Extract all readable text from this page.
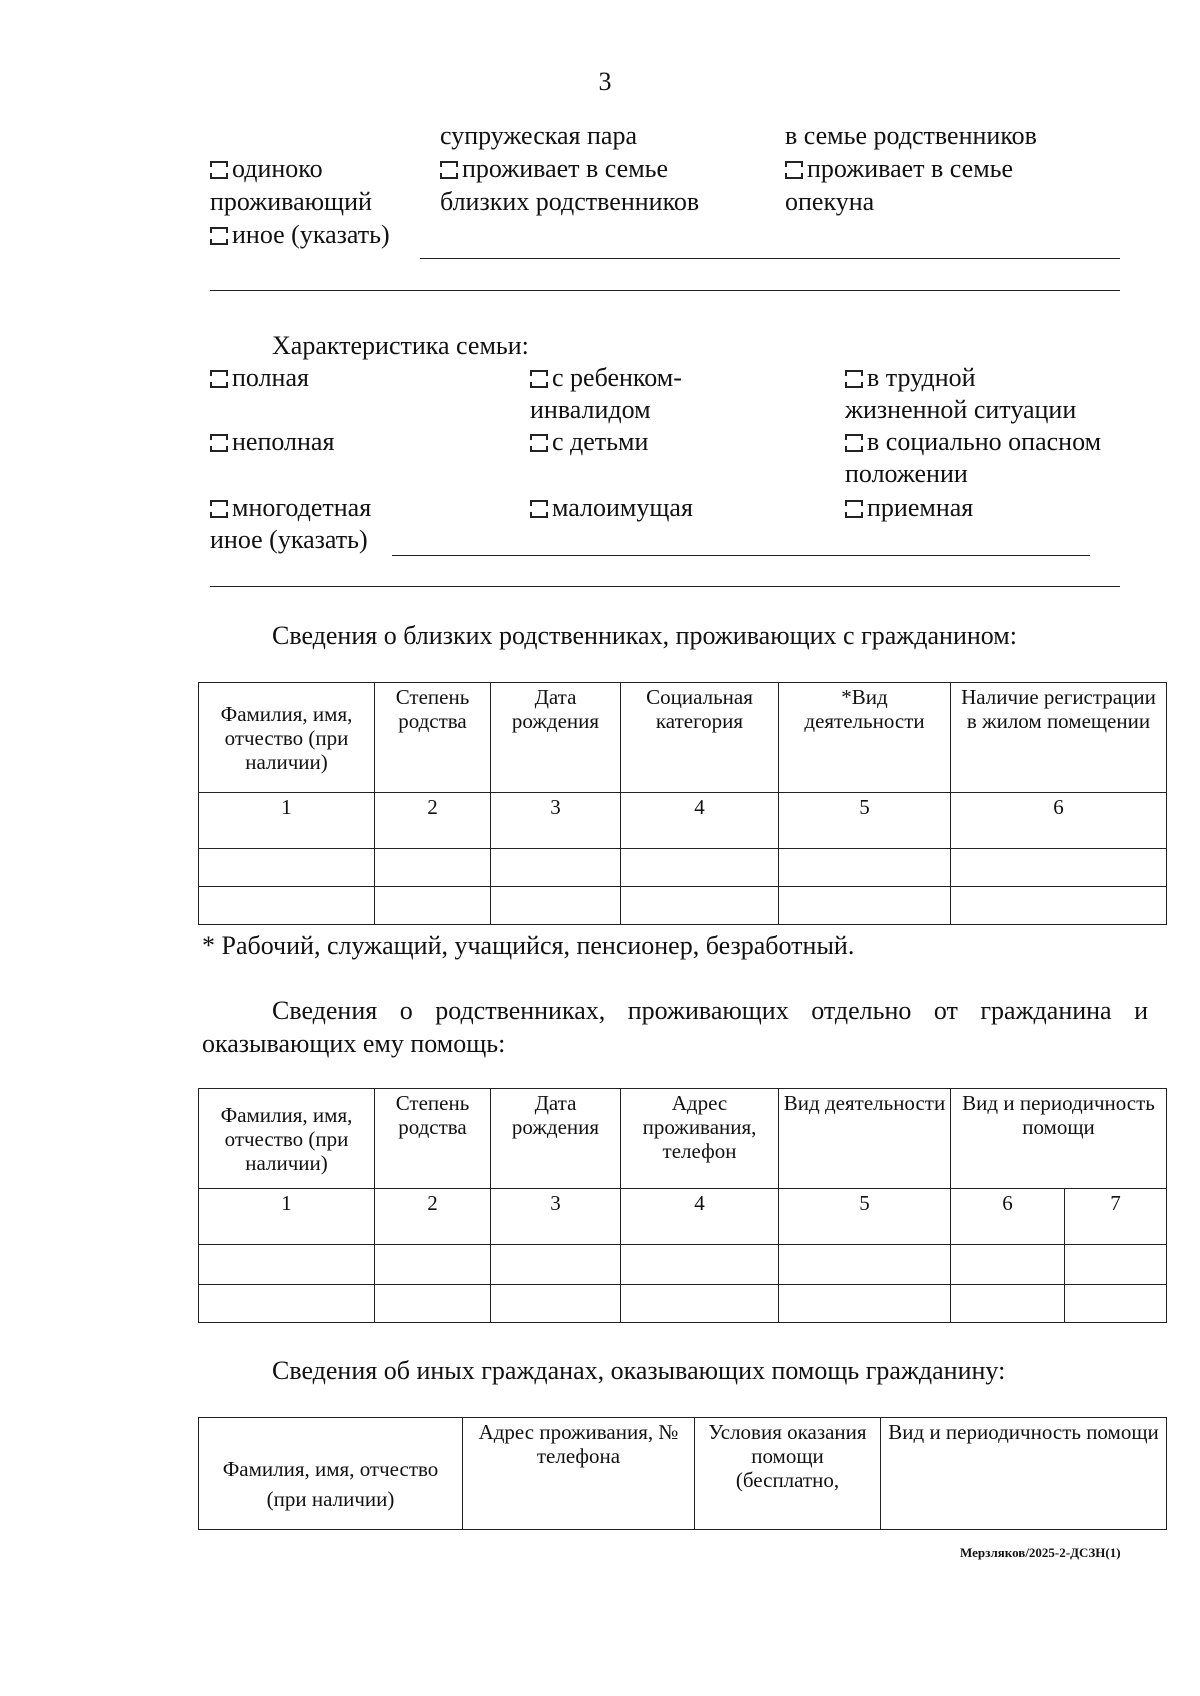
3
супружеская пара	в семье родственников
одиноко
проживающий
проживает в семье
близких родственников
проживает в семье
опекуна
иное (указать)
Характеристика семьи:
полная	с ребенком-
инвалидом
в трудной
жизненной ситуации
неполная	с детьми	в социально опасном
положении
многодетная	малоимущая	приемная
иное (указать)
Сведения о близких родственниках, проживающих с гражданином:
Фамилия, имя, отчество (при наличии)	Степень родства	Дата рождения	Социальная категория	*Вид деятельности	Наличие регистрации в жилом помещении
1	2	3	4	5	6

* Рабочий, служащий, учащийся, пенсионер, безработный.
Сведения о родственниках, проживающих отдельно от гражданина и
оказывающих ему помощь:
Фамилия, имя, отчество (при наличии)	Степень родства	Дата рождения	Адрес проживания, телефон	Вид деятельности	Вид и периодичность помощи	
1	2	3	4	5	6	7

Сведения об иных гражданах, оказывающих помощь гражданину:
Фамилия, имя, отчество
(при наличии)
	Адрес проживания, № телефона	Условия оказания помощи (бесплатно,	Вид и периодичность помощи
Мерзляков/2025-2-ДСЗН(1)
